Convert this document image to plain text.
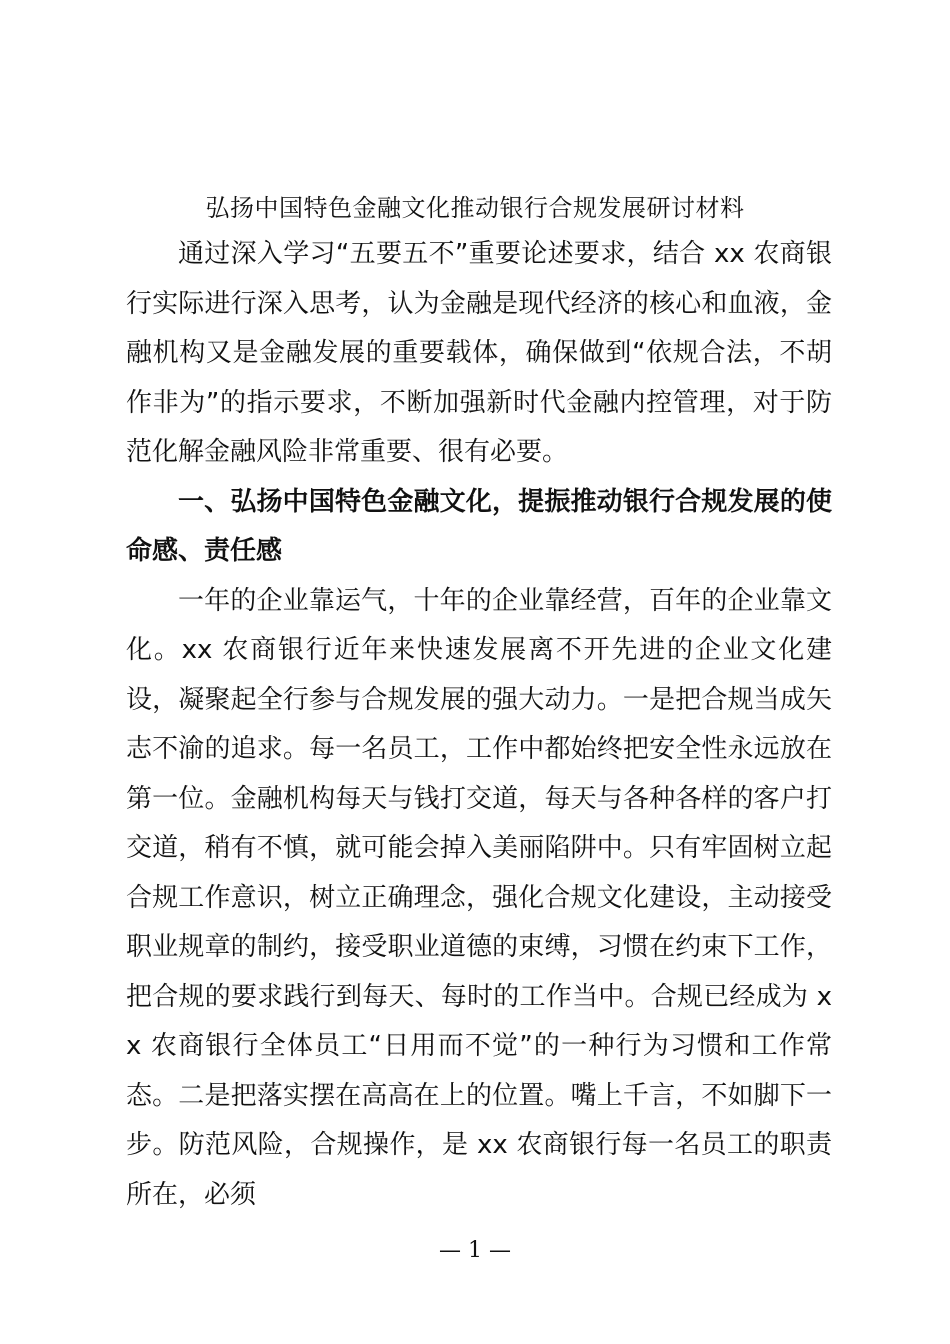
弘扬中国特色金融文化推动银行合规发展研讨材料

通过深入学习“五要五不”重要论述要求，结合 xx 农商银行实际进行深入思考，认为金融是现代经济的核心和血液，金融机构又是金融发展的重要载体，确保做到“依规合法，不胡作非为”的指示要求，不断加强新时代金融内控管理，对于防范化解金融风险非常重要、很有必要。

一、弘扬中国特色金融文化，提振推动银行合规发展的使命感、责任感

一年的企业靠运气，十年的企业靠经营，百年的企业靠文化。xx 农商银行近年来快速发展离不开先进的企业文化建设，凝聚起全行参与合规发展的强大动力。一是把合规当成矢志不渝的追求。每一名员工，工作中都始终把安全性永远放在第一位。金融机构每天与钱打交道，每天与各种各样的客户打交道，稍有不慎，就可能会掉入美丽陷阱中。只有牢固树立起合规工作意识，树立正确理念，强化合规文化建设，主动接受职业规章的制约，接受职业道德的束缚，习惯在约束下工作，把合规的要求践行到每天、每时的工作当中。合规已经成为 xx 农商银行全体员工“日用而不觉”的一种行为习惯和工作常态。二是把落实摆在高高在上的位置。嘴上千言，不如脚下一步。防范风险，合规操作，是 xx 农商银行每一名员工的职责所在，必须

— 1 —
